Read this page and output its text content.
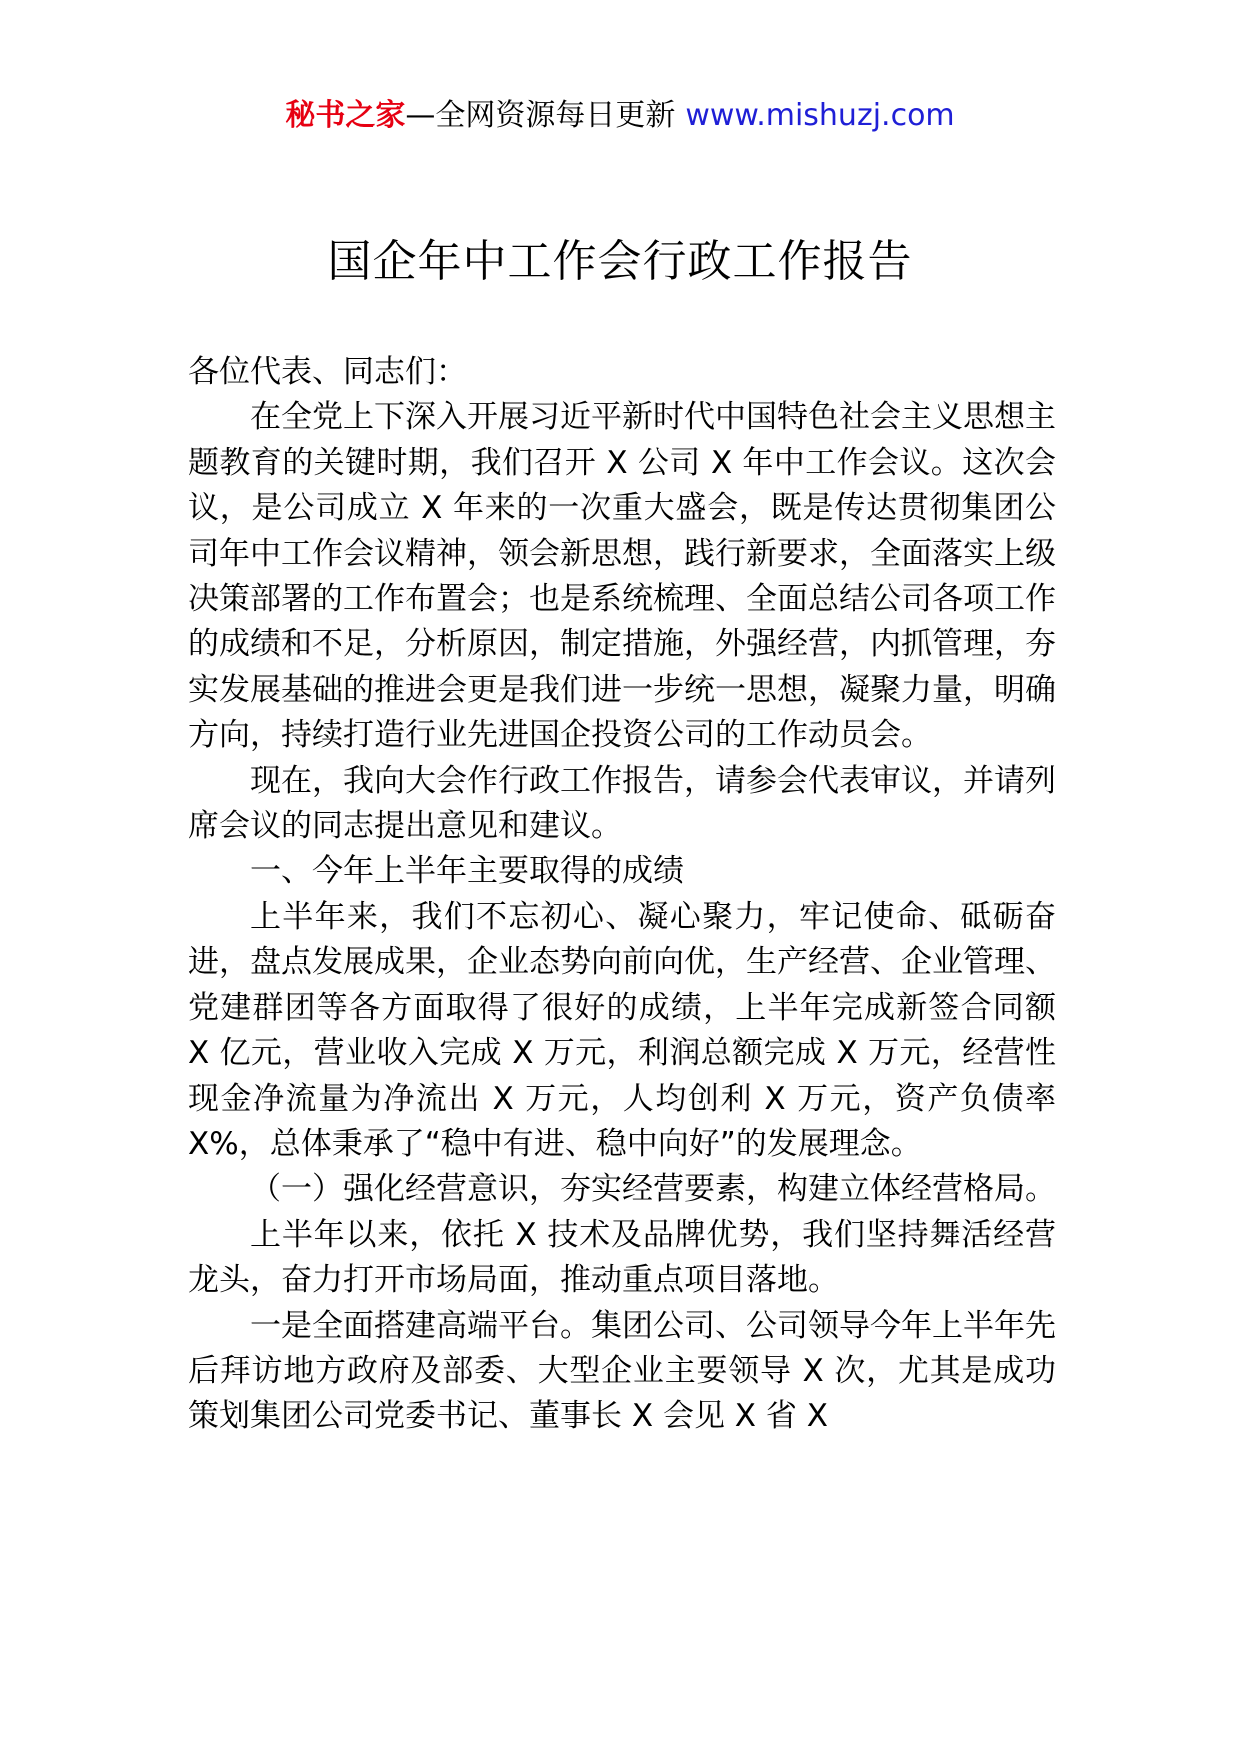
秘书之家—全网资源每日更新 www.mishuzj.com
国企年中工作会行政工作报告

各位代表、同志们：

在全党上下深入开展习近平新时代中国特色社会主义思想主题教育的关键时期，我们召开 X 公司 X 年中工作会议。这次会议，是公司成立 X 年来的一次重大盛会，既是传达贯彻集团公司年中工作会议精神，领会新思想，践行新要求，全面落实上级决策部署的工作布置会；也是系统梳理、全面总结公司各项工作的成绩和不足，分析原因，制定措施，外强经营，内抓管理，夯实发展基础的推进会更是我们进一步统一思想，凝聚力量，明确方向，持续打造行业先进国企投资公司的工作动员会。

现在，我向大会作行政工作报告，请参会代表审议，并请列席会议的同志提出意见和建议。

一、今年上半年主要取得的成绩

上半年来，我们不忘初心、凝心聚力，牢记使命、砥砺奋进，盘点发展成果，企业态势向前向优，生产经营、企业管理、党建群团等各方面取得了很好的成绩，上半年完成新签合同额 X 亿元，营业收入完成 X 万元，利润总额完成 X 万元，经营性现金净流量为净流出 X 万元，人均创利 X 万元，资产负债率 X%，总体秉承了“稳中有进、稳中向好”的发展理念。

（一）强化经营意识，夯实经营要素，构建立体经营格局。

上半年以来，依托 X 技术及品牌优势，我们坚持舞活经营龙头，奋力打开市场局面，推动重点项目落地。

一是全面搭建高端平台。集团公司、公司领导今年上半年先后拜访地方政府及部委、大型企业主要领导 X 次，尤其是成功策划集团公司党委书记、董事长 X 会见 X 省 X
